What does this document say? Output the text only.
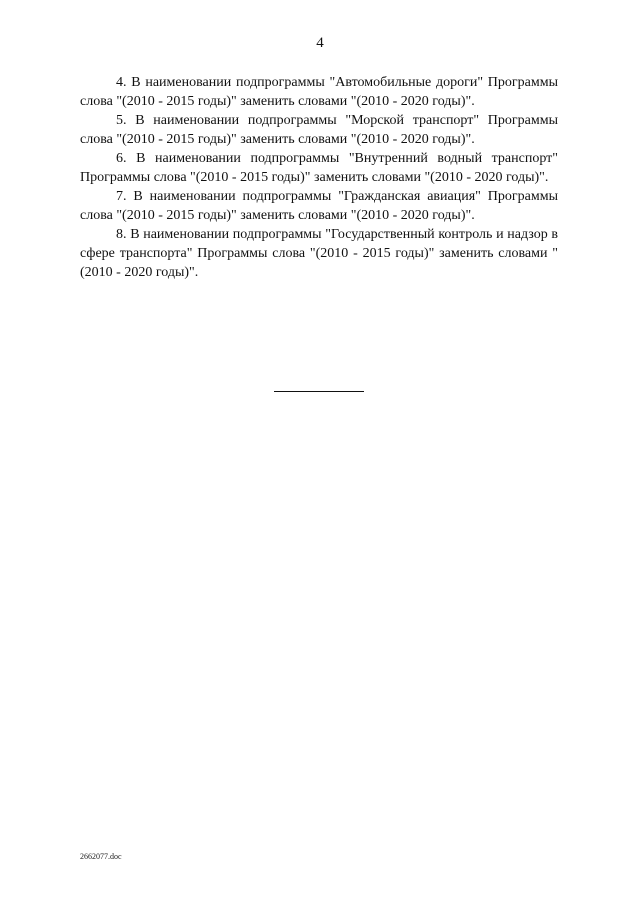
4

4. В наименовании подпрограммы "Автомобильные дороги" Программы слова "(2010 - 2015 годы)" заменить словами "(2010 - 2020 годы)".

5. В наименовании подпрограммы "Морской транспорт" Программы слова "(2010 - 2015 годы)" заменить словами "(2010 - 2020 годы)".

6. В наименовании подпрограммы "Внутренний водный транспорт" Программы слова "(2010 - 2015 годы)" заменить словами "(2010 - 2020 годы)".

7. В наименовании подпрограммы "Гражданская авиация" Программы слова "(2010 - 2015 годы)" заменить словами "(2010 - 2020 годы)".

8. В наименовании подпрограммы "Государственный контроль и надзор в сфере транспорта" Программы слова "(2010 - 2015 годы)" заменить словами "(2010 - 2020 годы)".

2662077.doc
